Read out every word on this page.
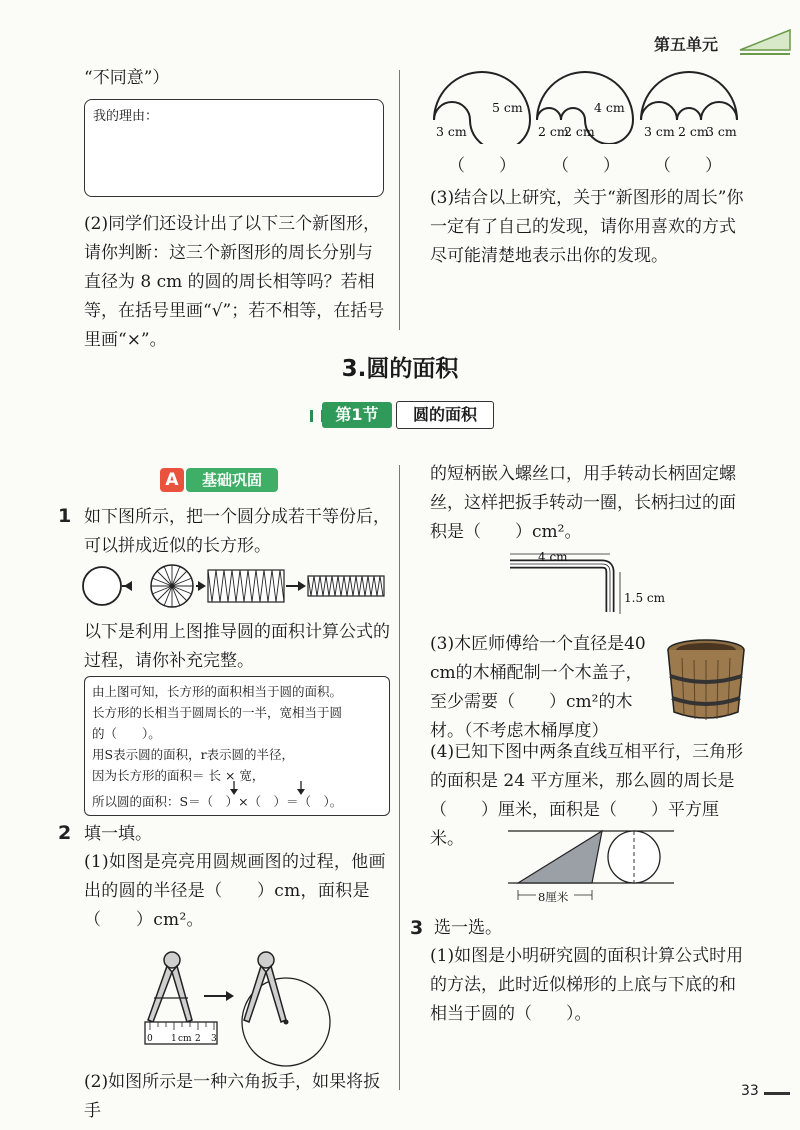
第五单元
“不同意”）
我的理由：
(2)同学们还设计出了以下三个新图形，请你判断：这三个新图形的周长分别与直径为 8 cm 的圆的周长相等吗？若相等，在括号里画“√”；若不相等，在括号里画“×”。
5 cm
3 cm
4 cm
2 cm
2 cm	3 cm 2 cm
3 cm
（　　） （　　） （　　）
(3)结合以上研究，关于“新图形的周长”你一定有了自己的发现，请你用喜欢的方式尽可能清楚地表示出你的发现。
3.圆的面积
第1节	圆的面积
A	基础巩固
1 如下图所示，把一个圆分成若干等份后，可以拼成近似的长方形。
以下是利用上图推导圆的面积计算公式的过程，请你补充完整。
由上图可知，长方形的面积相当于圆的面积。
长方形的长相当于圆周长的一半，宽相当于圆
的（　　）。
用S表示圆的面积，r表示圆的半径，
因为长方形的面积＝ 长 × 宽，
所以圆的面积：S＝（　）×（　）＝（　）。
2 填一填。
(1)如图是亮亮用圆规画图的过程，他画出的圆的半径是（　　）cm，面积是（　　）cm²。
0 1 cm 2 3
(2)如图所示是一种六角扳手，如果将扳手
的短柄嵌入螺丝口，用手转动长柄固定螺丝，这样把扳手转动一圈，长柄扫过的面积是（　　）cm²。
4 cm
1.5 cm
(3)木匠师傅给一个直径是40 cm的木桶配制一个木盖子，至少需要（　　）cm²的木材。（不考虑木桶厚度）
(4)已知下图中两条直线互相平行，三角形的面积是 24 平方厘米，那么圆的周长是（　　）厘米，面积是（　　）平方厘米。
8厘米
3 选一选。
(1)如图是小明研究圆的面积计算公式时用的方法，此时近似梯形的上底与下底的和相当于圆的（　　）。
33
